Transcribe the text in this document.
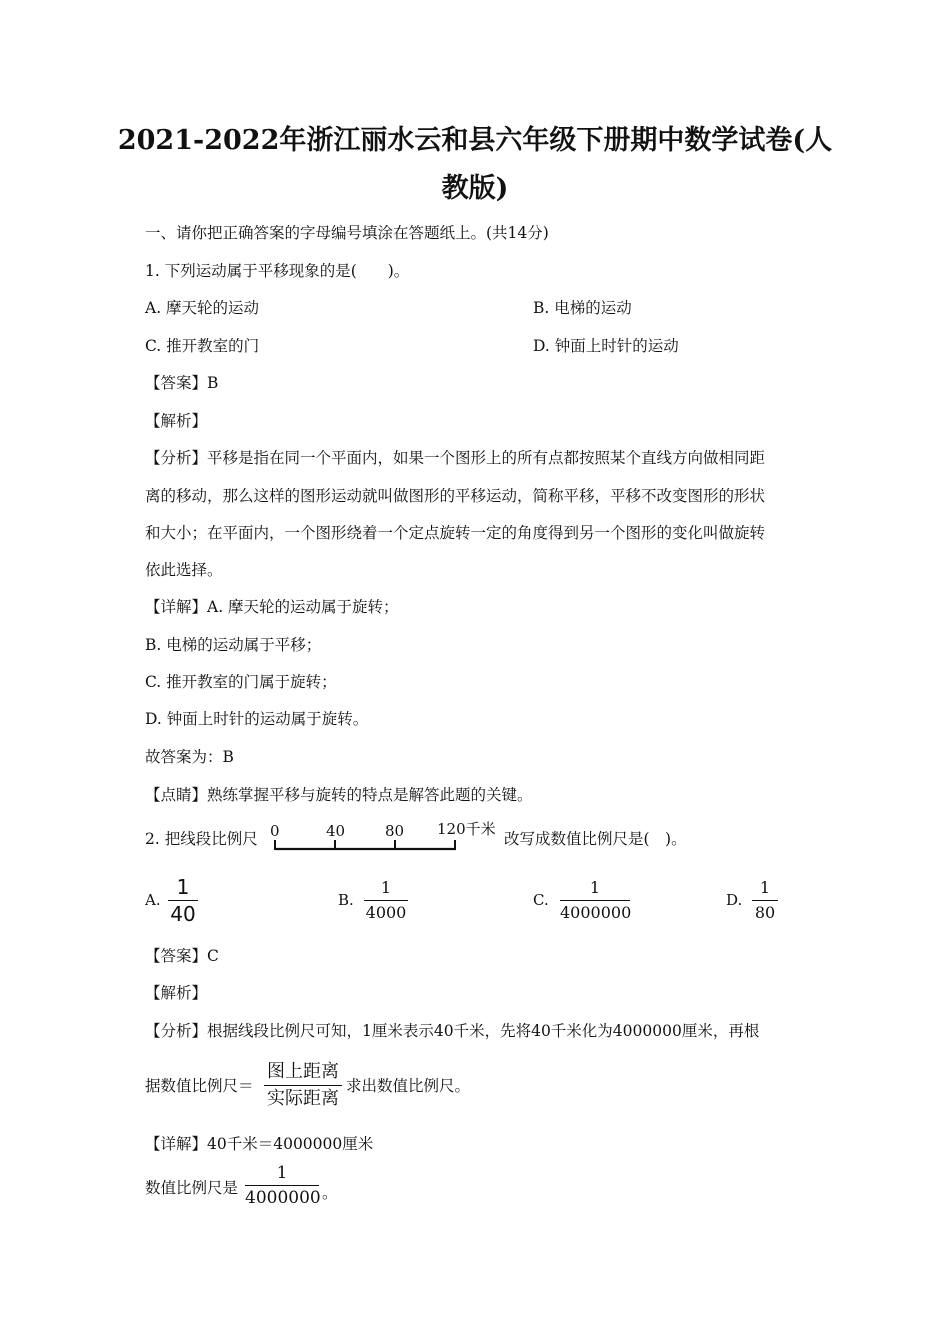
2021-2022年浙江丽水云和县六年级下册期中数学试卷(人
教版)
一、请你把正确答案的字母编号填涂在答题纸上。(共14分)
1. 下列运动属于平移现象的是(　　)。
A. 摩天轮的运动	B. 电梯的运动
C. 推开教室的门	D. 钟面上时针的运动
【答案】B
【解析】
【分析】平移是指在同一个平面内，如果一个图形上的所有点都按照某个直线方向做相同距
离的移动，那么这样的图形运动就叫做图形的平移运动，简称平移，平移不改变图形的形状
和大小；在平面内，一个图形绕着一个定点旋转一定的角度得到另一个图形的变化叫做旋转
依此选择。
【详解】A. 摩天轮的运动属于旋转；
B. 电梯的运动属于平移；
C. 推开教室的门属于旋转；
D. 钟面上时针的运动属于旋转。
故答案为：B
【点睛】熟练掌握平移与旋转的特点是解答此题的关键。
2. 把线段比例尺 0	40	80 120千米
改写成数值比例尺是(　)。
A.
1
40
B.
1
4000
C.
1
4000000
D.
1
80
【答案】C
【解析】
【分析】根据线段比例尺可知，1厘米表示40千米，先将40千米化为4000000厘米，再根
据数值比例尺＝
图上距离
实际距离
求出数值比例尺。
【详解】40千米＝4000000厘米
数值比例尺是
1
4000000 。
